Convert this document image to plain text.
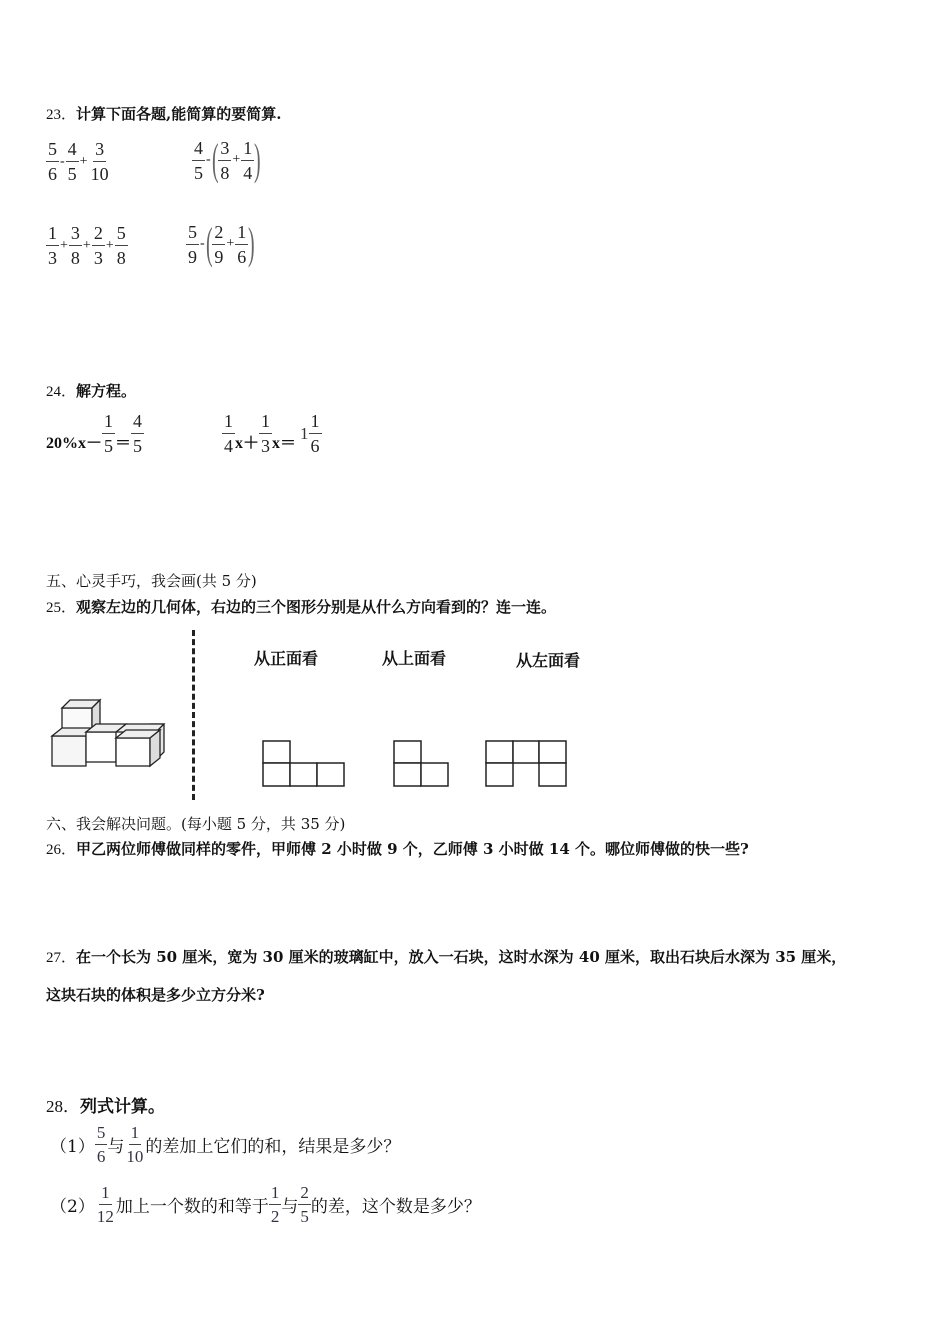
23．计算下面各题,能简算的要简算.
$\frac{5}{6} - \frac{4}{5} + \frac{3}{10}$	$\frac{4}{5}$ - ( $\frac{3}{8} + \frac{1}{4}$ )
$\frac{1}{3} + \frac{3}{8} + \frac{2}{3} + \frac{5}{8}$	$\frac{5}{9}$ - ( $\frac{2}{9} + \frac{1}{6}$ )
24．解方程。
$20\%x- \frac{1}{5} = \frac{4}{5}$	$\frac{1}{4} x+ \frac{1}{3} x=$
$1 \frac{1}{6}$
五、心灵手巧，我会画(共 5 分)
25．观察左边的几何体，右边的三个图形分别是从什么方向看到的？连一连。
从正面看	从上面看	从左面看
六、我会解决问题。(每小题 5 分，共 35 分)
26．甲乙两位师傅做同样的零件，甲师傅 2 小时做 9 个，乙师傅 3 小时做 14 个。哪位师傅做的快一些?
27．在一个长为 50 厘米，宽为 30 厘米的玻璃缸中，放入一石块，这时水深为 40 厘米，取出石块后水深为 35 厘米，
这块石块的体积是多少立方分米?
28．列式计算。
$(1) \frac{5}{6}$ 与 $\frac{1}{10}$ 的差加上它们的和，结果是多少？
$(2) \frac{1}{12}$ 加上一个数的和等于 $\frac{1}{2}$ 与 $\frac{2}{5}$ 的差，这个数是多少？
